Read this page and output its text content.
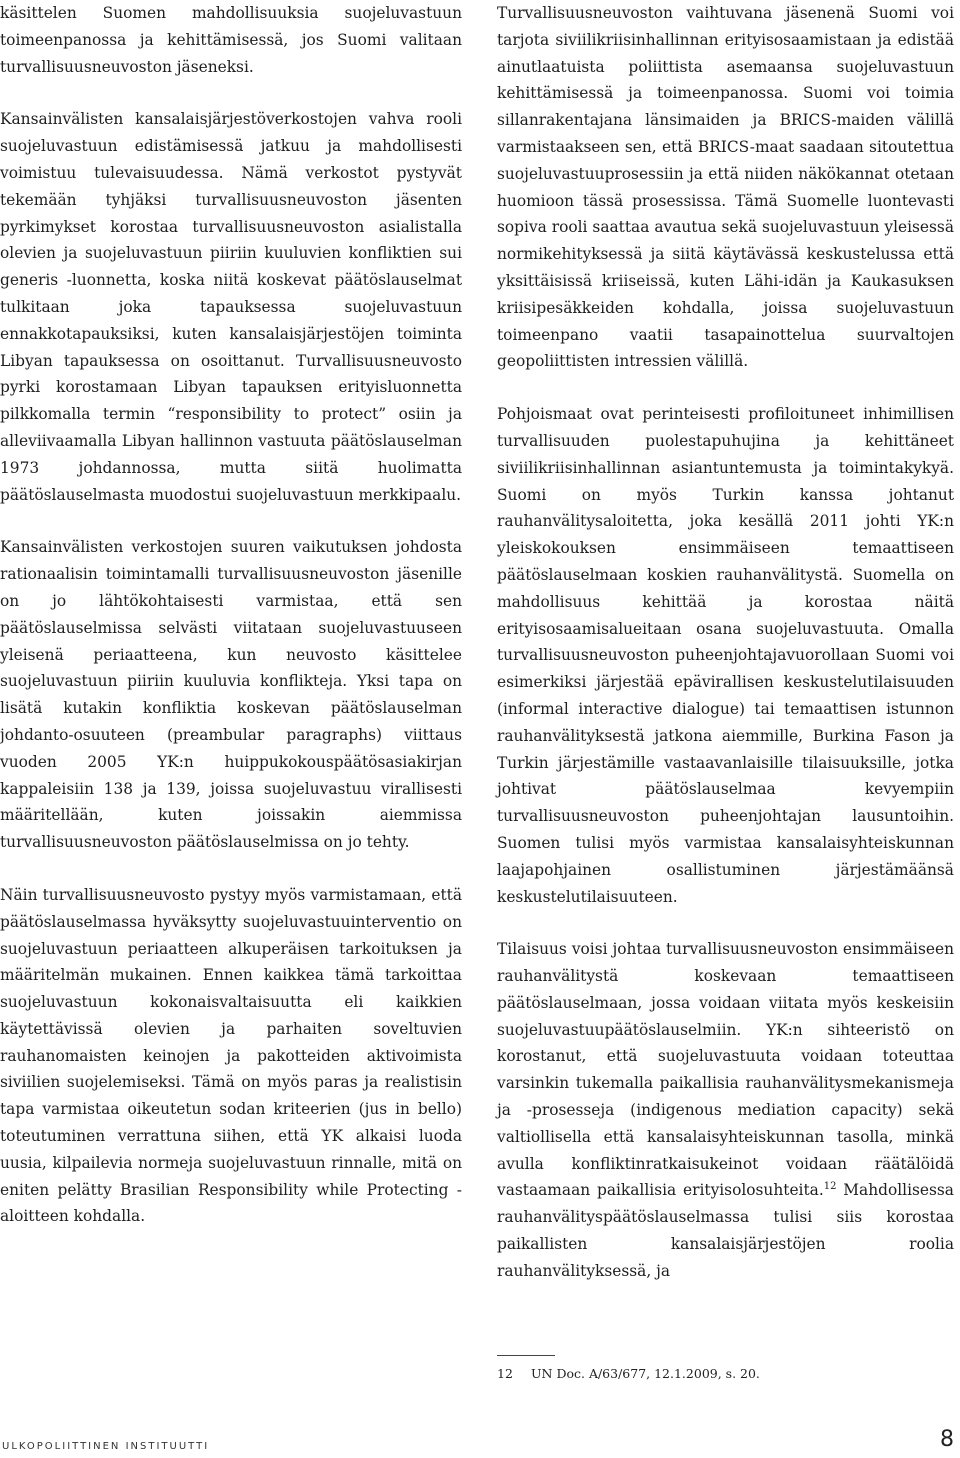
käsittelen Suomen mahdollisuuksia suojeluvastuun toimeenpanossa ja kehittämisessä, jos Suomi valitaan turvallisuusneuvoston jäseneksi.

Kansainvälisten kansalaisjärjestöverkostojen vahva rooli suojeluvastuun edistämisessä jatkuu ja mahdollisesti voimistuu tulevaisuudessa. Nämä verkostot pystyvät tekemään tyhjäksi turvallisuusneuvoston jäsenten pyrkimykset korostaa turvallisuusneuvoston asialistalla olevien ja suojeluvastuun piiriin kuuluvien konfliktien sui generis -luonnetta, koska niitä koskevat päätöslauselmat tulkitaan joka tapauksessa suojeluvastuun ennakkotapauksiksi, kuten kansalaisjärjestöjen toiminta Libyan tapauksessa on osoittanut. Turvallisuusneuvosto pyrki korostamaan Libyan tapauksen erityisluonnetta pilkkomalla termin “responsibility to protect” osiin ja alleviivaamalla Libyan hallinnon vastuuta päätöslauselman 1973 johdannossa, mutta siitä huolimatta päätöslauselmasta muodostui suojeluvastuun merkkipaalu.

Kansainvälisten verkostojen suuren vaikutuksen johdosta rationaalisin toimintamalli turvallisuusneuvoston jäsenille on jo lähtökohtaisesti varmistaa, että sen päätöslauselmissa selvästi viitataan suojeluvastuuseen yleisenä periaatteena, kun neuvosto käsittelee suojeluvastuun piiriin kuuluvia konflikteja. Yksi tapa on lisätä kutakin konfliktia koskevan päätöslauselman johdanto-osuuteen (preambular paragraphs) viittaus vuoden 2005 YK:n huippukokouspäätösasiakirjan kappaleisiin 138 ja 139, joissa suojeluvastuu virallisesti määritellään, kuten joissakin aiemmissa turvallisuusneuvoston päätöslauselmissa on jo tehty.

Näin turvallisuusneuvosto pystyy myös varmistamaan, että päätöslauselmassa hyväksytty suojeluvastuuinterventio on suojeluvastuun periaatteen alkuperäisen tarkoituksen ja määritelmän mukainen. Ennen kaikkea tämä tarkoittaa suojeluvastuun kokonaisvaltaisuutta eli kaikkien käytettävissä olevien ja parhaiten soveltuvien rauhanomaisten keinojen ja pakotteiden aktivoimista siviilien suojelemiseksi. Tämä on myös paras ja realistisin tapa varmistaa oikeutetun sodan kriteerien (jus in bello) toteutuminen verrattuna siihen, että YK alkaisi luoda uusia, kilpailevia normeja suojeluvastuun rinnalle, mitä on eniten pelätty Brasilian Responsibility while Protecting -aloitteen kohdalla.

Turvallisuusneuvoston vaihtuvana jäsenenä Suomi voi tarjota siviilikriisinhallinnan erityisosaamistaan ja edistää ainutlaatuista poliittista asemaansa suojeluvastuun kehittämisessä ja toimeenpanossa. Suomi voi toimia sillanrakentajana länsimaiden ja BRICS-maiden välillä varmistaakseen sen, että BRICS-maat saadaan sitoutettua suojeluvastuuprosessiin ja että niiden näkökannat otetaan huomioon tässä prosessissa. Tämä Suomelle luontevasti sopiva rooli saattaa avautua sekä suojeluvastuun yleisessä normikehityksessä ja siitä käytävässä keskustelussa että yksittäisissä kriiseissä, kuten Lähi-idän ja Kaukasuksen kriisipesäkkeiden kohdalla, joissa suojeluvastuun toimeenpano vaatii tasapainottelua suurvaltojen geopoliittisten intressien välillä.

Pohjoismaat ovat perinteisesti profiloituneet inhimillisen turvallisuuden puolestapuhujina ja kehittäneet siviilikriisinhallinnan asiantuntemusta ja toimintakykyä. Suomi on myös Turkin kanssa johtanut rauhanvälitysaloitetta, joka kesällä 2011 johti YK:n yleiskokouksen ensimmäiseen temaattiseen päätöslauselmaan koskien rauhanvälitystä. Suomella on mahdollisuus kehittää ja korostaa näitä erityisosaamisalueitaan osana suojeluvastuuta. Omalla turvallisuusneuvoston puheenjohtajavuorollaan Suomi voi esimerkiksi järjestää epävirallisen keskustelutilaisuuden (informal interactive dialogue) tai temaattisen istunnon rauhanvälityksestä jatkona aiemmille, Burkina Fason ja Turkin järjestämille vastaavanlaisille tilaisuuksille, jotka johtivat päätöslauselmaa kevyempiin turvallisuusneuvoston puheenjohtajan lausuntoihin. Suomen tulisi myös varmistaa kansalaisyhteiskunnan laajapohjainen osallistuminen järjestämäänsä keskustelutilaisuuteen.

Tilaisuus voisi johtaa turvallisuusneuvoston ensimmäiseen rauhanvälitystä koskevaan temaattiseen päätöslauselmaan, jossa voidaan viitata myös keskeisiin suojeluvastuupäätöslauselmiin. YK:n sihteeristö on korostanut, että suojeluvastuuta voidaan toteuttaa varsinkin tukemalla paikallisia rauhanvälitysmekanismeja ja -prosesseja (indigenous mediation capacity) sekä valtiollisella että kansalaisyhteiskunnan tasolla, minkä avulla konfliktinratkaisukeinot voidaan räätälöidä vastaamaan paikallisia erityisolosuhteita.$^{12}$ Mahdollisessa rauhanvälityspäätöslauselmassa tulisi siis korostaa paikallisten kansalaisjärjestöjen roolia rauhanvälityksessä, ja

12 UN Doc. A/63/677, 12.1.2009, s. 20.
ULKOPOLIITTINEN INSTITUUTTI	8
